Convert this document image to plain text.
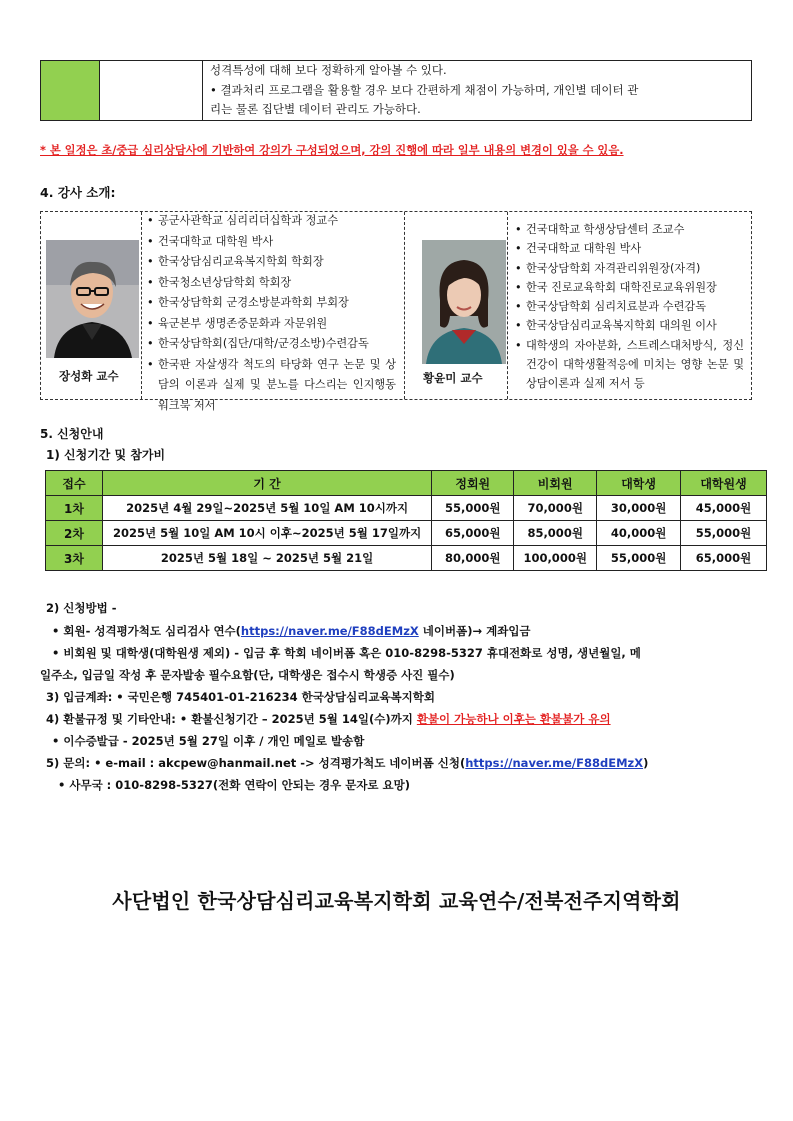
성격특성에 대해 보다 정확하게 알아볼 수 있다.
• 결과처리 프로그램을 활용할 경우 보다 간편하게 채점이 가능하며, 개인별 데이터 관
리는 물론 집단별 데이터 관리도 가능하다.
* 본 일정은 초/중급 심리상담사에 기반하여 강의가 구성되었으며, 강의 진행에 따라 일부 내용의 변경이 있을 수 있음.
4. 강사 소개:
장성화 교수
• 공군사관학교 심리리더십학과 정교수
• 건국대학교 대학원 박사
• 한국상담심리교육복지학회 학회장
• 한국청소년상담학회 학회장
• 한국상담학회 군경소방분과학회 부회장
• 육군본부 생명존중문화과 자문위원
• 한국상담학회(집단/대학/군경소방)수련감독
• 한국판 자살생각 척도의 타당화 연구 논문 및 상담의 이론과 실제 및 분노를 다스리는 인지행동 워크북 저서
황윤미 교수
• 건국대학교 학생상담센터 조교수
• 건국대학교 대학원 박사
• 한국상담학회 자격관리위원장(자격)
• 한국 진로교육학회 대학진로교육위원장
• 한국상담학회 심리치료분과 수련감독
• 한국상담심리교육복지학회 대의원 이사
• 대학생의 자아분화, 스트레스대처방식, 정신건강이 대학생활적응에 미치는 영향 논문 및 상담이론과 실제 저서 등
5. 신청안내
1) 신청기간 및 참가비
접수	기 간	정회원	비회원	대학생	대학원생
1차	2025년 4월 29일~2025년 5월 10일 AM 10시까지	55,000원	70,000원	30,000원	45,000원
2차	2025년 5월 10일 AM 10시 이후~2025년 5월 17일까지	65,000원	85,000원	40,000원	55,000원
3차	2025년 5월 18일 ~ 2025년 5월 21일	80,000원	100,000원	55,000원	65,000원
2) 신청방법 -
• 회원- 성격평가척도 심리검사 연수(https://naver.me/F88dEMzX 네이버폼)→ 계좌입금
• 비회원 및 대학생(대학원생 제외) - 입금 후 학회 네이버폼 혹은 010-8298-5327 휴대전화로 성명, 생년월일, 메
일주소, 입금일 작성 후 문자발송 필수요함(단, 대학생은 접수시 학생증 사진 필수)
3) 입금계좌: • 국민은행 745401-01-216234 한국상담심리교육복지학회
4) 환불규정 및 기타안내: • 환불신청기간 – 2025년 5월 14일(수)까지 환불이 가능하나 이후는 환불불가 유의
• 이수증발급 - 2025년 5월 27일 이후 / 개인 메일로 발송함
5) 문의: • e-mail : akcpew@hanmail.net -> 성격평가척도 네이버폼 신청(https://naver.me/F88dEMzX)
• 사무국 : 010-8298-5327(전화 연락이 안되는 경우 문자로 요망)
사단법인 한국상담심리교육복지학회 교육연수/전북전주지역학회
